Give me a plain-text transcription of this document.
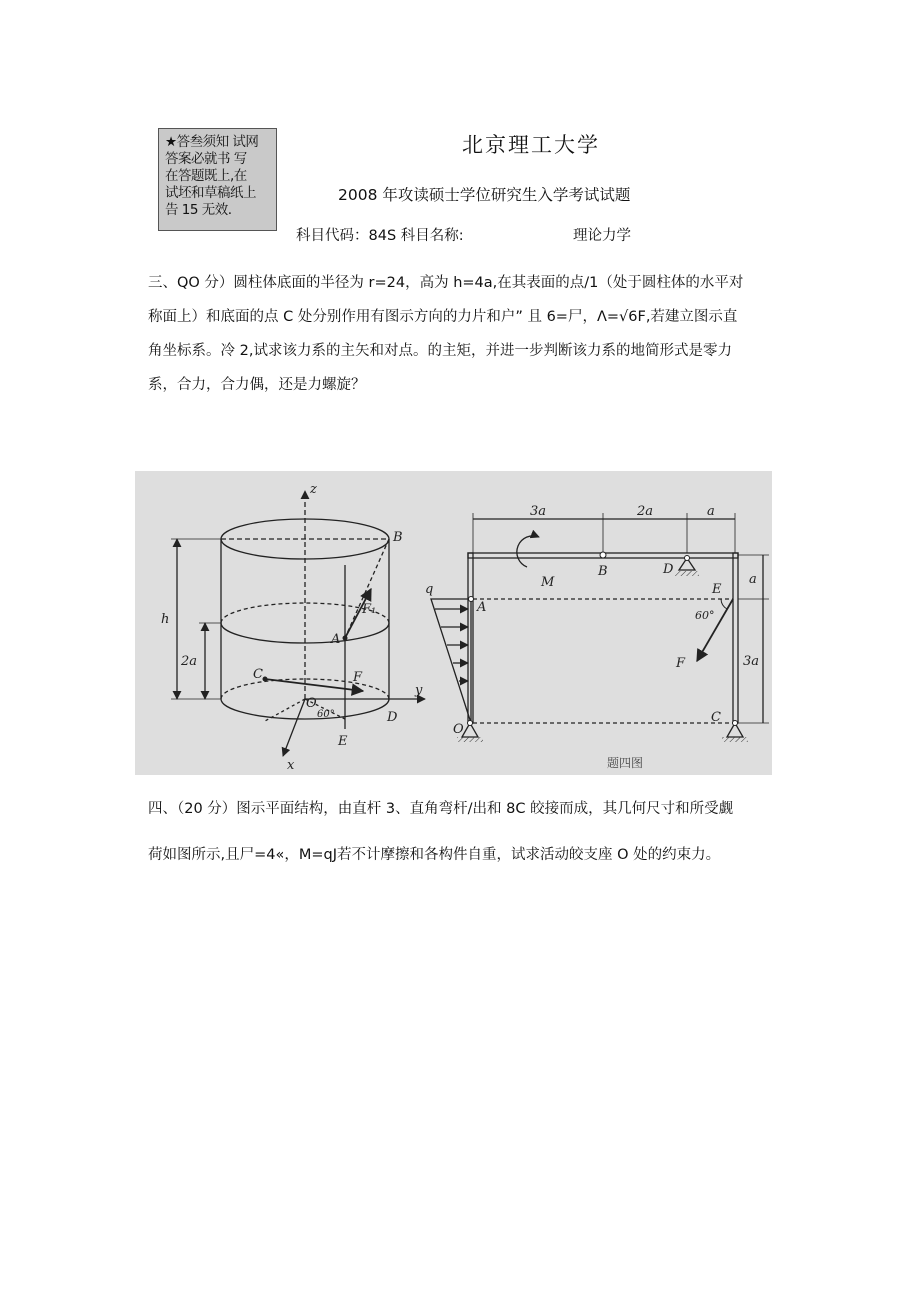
★答叁须知 试网
答案必就书 写
在答题既上,在
试坯和草稿纸上
告 15 无效.
北京理工大学
2008 年攻读硕士学位研究生入学考试试题
科目代码：84S 科目名称:	理论力学
三、QO 分）圆柱体底面的半径为 r=24，高为 h=4a,在其表面的点/1（处于圆柱体的水平对
称面上）和底面的点 C 处分别作用有图示方向的力片和户” 且 6=尸，Λ=√6F,若建立图示直
角坐标系。冷 2,试求该力系的主矢和对点。的主矩，并进一步判断该力系的地简形式是零力
系，合力，合力偶，还是力螺旋？
z
x
y
B
A
C
O
D
E
h
2a
F₁
F
60°
3a	2a	a
M
B	D
E
q
A
60°
F
a
3a
C
O
题四图
四、（20 分）图示平面结构，由直杆 3、直角弯杆/出和 8C 皎接而成，其几何尺寸和所受觑
荷如图所示,且尸=4«，M=qJ若不计摩擦和各构件自重，试求活动皎支座 O 处的约束力。
